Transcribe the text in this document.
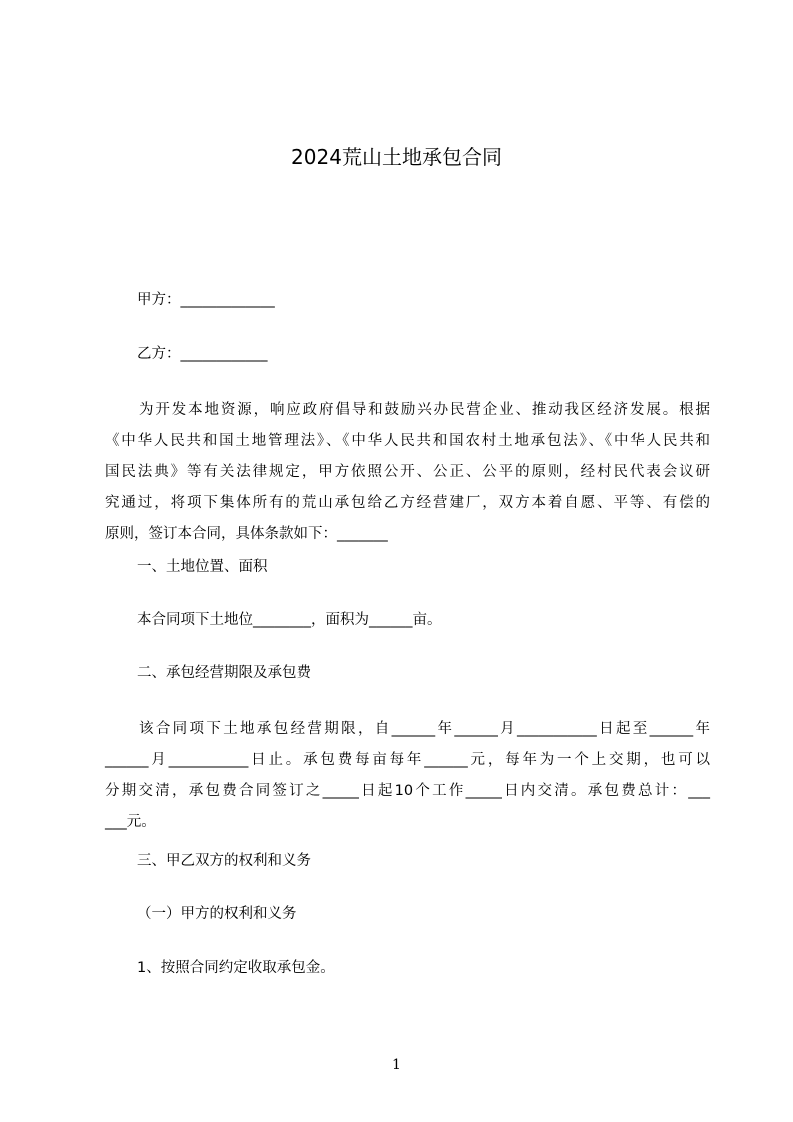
2024荒山土地承包合同
甲方：_____________
乙方：____________
为开发本地资源，响应政府倡导和鼓励兴办民营企业、推动我区经济发展。根据
《中华人民共和国土地管理法》、《中华人民共和国农村土地承包法》、《中华人民共和
国民法典》等有关法律规定，甲方依照公开、公正、公平的原则，经村民代表会议研
究通过，将项下集体所有的荒山承包给乙方经营建厂，双方本着自愿、平等、有偿的
原则，签订本合同，具体条款如下：_______
一、土地位置、面积
本合同项下土地位________，面积为______亩。
二、承包经营期限及承包费
该合同项下土地承包经营期限，自______年______月___________日起至______年
______月___________日止。承包费每亩每年______元，每年为一个上交期，也可以
分期交清，承包费合同签订之_____日起10个工作_____日内交清。承包费总计：___
___元。
三、甲乙双方的权利和义务
（一）甲方的权利和义务
1、按照合同约定收取承包金。
1
